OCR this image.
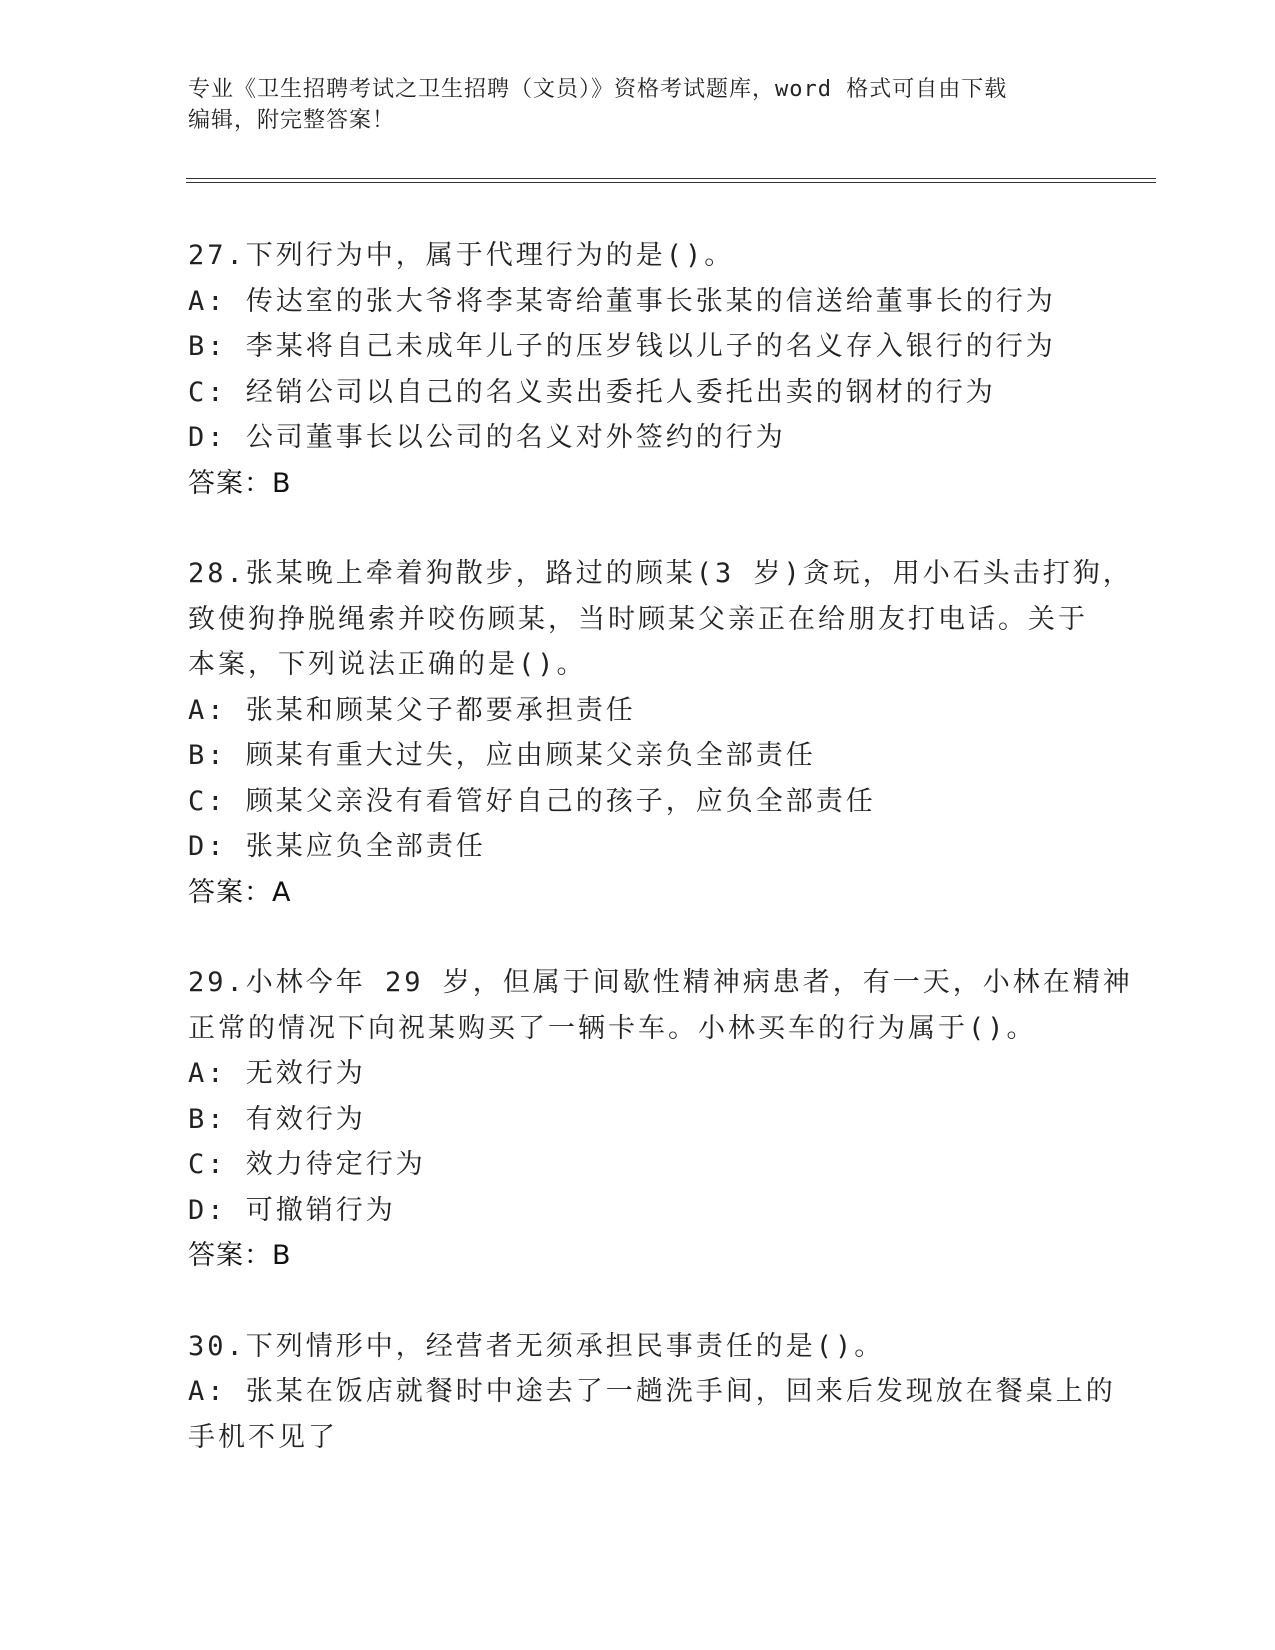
专业《卫生招聘考试之卫生招聘（文员）》资格考试题库，word 格式可自由下载
编辑，附完整答案！
27.下列行为中，属于代理行为的是()。
A: 传达室的张大爷将李某寄给董事长张某的信送给董事长的行为
B: 李某将自己未成年儿子的压岁钱以儿子的名义存入银行的行为
C: 经销公司以自己的名义卖出委托人委托出卖的钢材的行为
D: 公司董事长以公司的名义对外签约的行为
答案：B
28.张某晚上牵着狗散步，路过的顾某(3 岁)贪玩，用小石头击打狗，
致使狗挣脱绳索并咬伤顾某，当时顾某父亲正在给朋友打电话。关于
本案，下列说法正确的是()。
A: 张某和顾某父子都要承担责任
B: 顾某有重大过失，应由顾某父亲负全部责任
C: 顾某父亲没有看管好自己的孩子，应负全部责任
D: 张某应负全部责任
答案：A
29.小林今年 29 岁，但属于间歇性精神病患者，有一天，小林在精神
正常的情况下向祝某购买了一辆卡车。小林买车的行为属于()。
A: 无效行为
B: 有效行为
C: 效力待定行为
D: 可撤销行为
答案：B
30.下列情形中，经营者无须承担民事责任的是()。
A: 张某在饭店就餐时中途去了一趟洗手间，回来后发现放在餐桌上的
手机不见了
